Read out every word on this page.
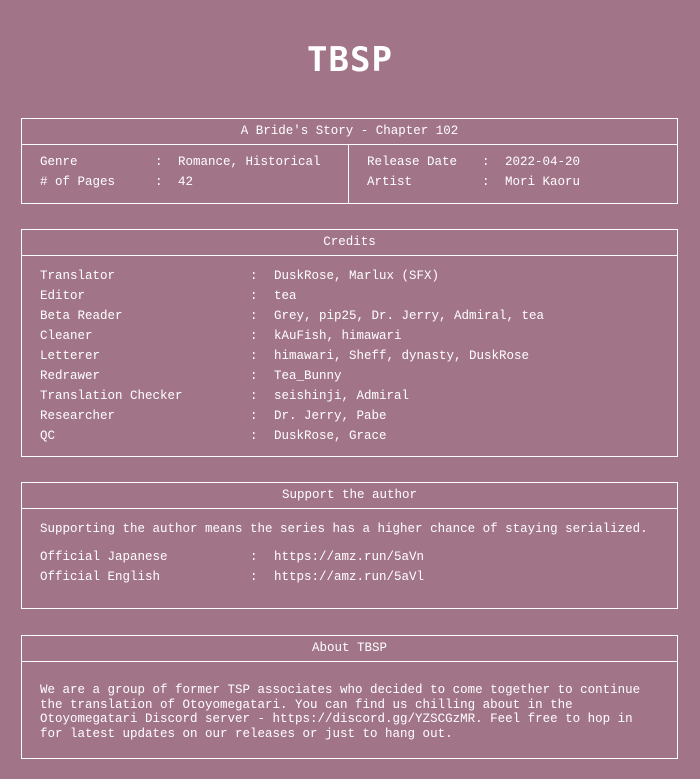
TBSP
A Bride's Story - Chapter 102
Genre	:	Romance, Historical
# of Pages	:	42
Release Date	:	2022-04-20
Artist	:	Mori Kaoru
Credits
Translator	:	DuskRose, Marlux (SFX)
Editor	:	tea
Beta Reader	:	Grey, pip25, Dr. Jerry, Admiral, tea
Cleaner	:	kAuFish, himawari
Letterer	:	himawari, Sheff, dynasty, DuskRose
Redrawer	:	Tea_Bunny
Translation Checker	:	seishinji, Admiral
Researcher	:	Dr. Jerry, Pabe
QC	:	DuskRose, Grace
Support the author
Supporting the author means the series has a higher chance of staying serialized.
Official Japanese	:	https://amz.run/5aVn
Official English	:	https://amz.run/5aVl
About TBSP
We are a group of former TSP associates who decided to come together to continue the translation of Otoyomegatari. You can find us chilling about in the Otoyomegatari Discord server - https://discord.gg/YZSCGzMR. Feel free to hop in for latest updates on our releases or just to hang out.
